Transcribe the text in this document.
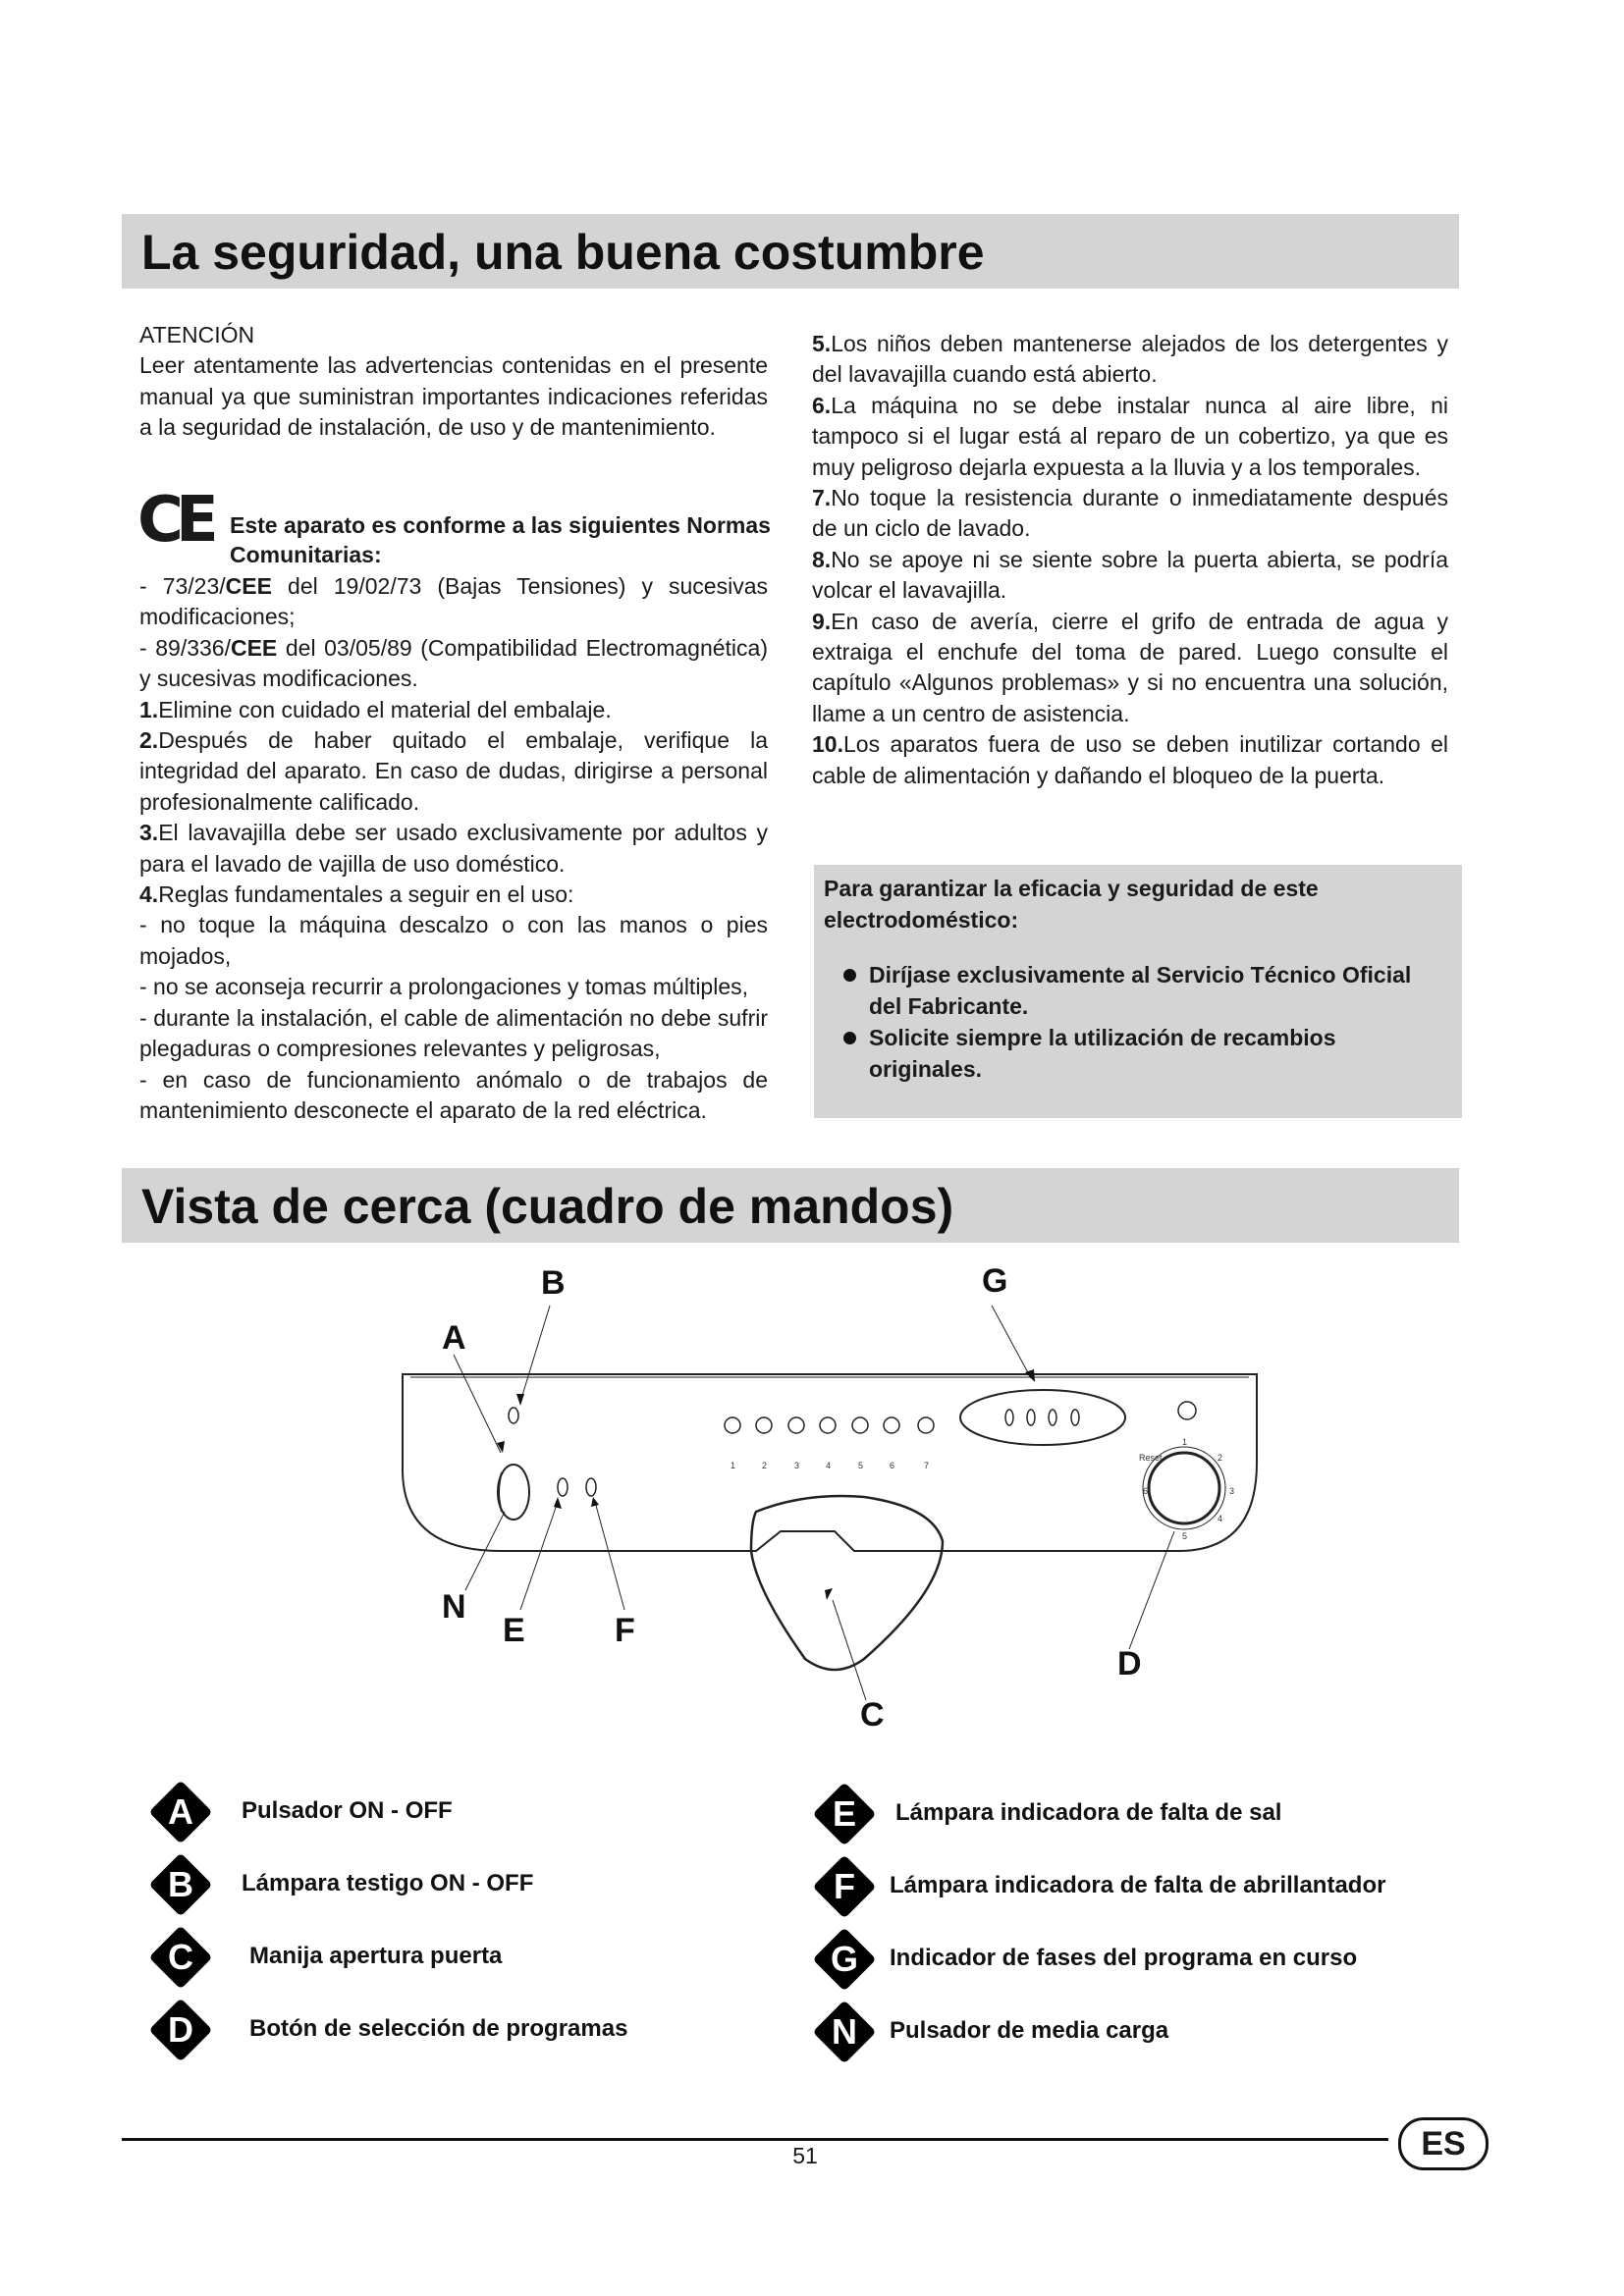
La seguridad, una buena costumbre

ATENCIÓN

Leer atentamente las advertencias contenidas en el presente manual ya que suministran importantes indicaciones referidas a la seguridad de instalación, de uso y de mantenimiento.

CE Este aparato es conforme a las siguientes Normas Comunitarias:

- 73/23/CEE del 19/02/73 (Bajas Tensiones) y sucesivas modificaciones;

- 89/336/CEE del 03/05/89 (Compatibilidad Electromagnética) y sucesivas modificaciones.

1.Elimine con cuidado el material del embalaje.

2.Después de haber quitado el embalaje, verifique la integridad del aparato. En caso de dudas, dirigirse a personal profesionalmente calificado.

3.El lavavajilla debe ser usado exclusivamente por adultos y para el lavado de vajilla de uso doméstico.

4.Reglas fundamentales a seguir en el uso:

- no toque la máquina descalzo o con las manos o pies mojados,

- no se aconseja recurrir a prolongaciones y tomas múltiples,

- durante la instalación, el cable de alimentación no debe sufrir plegaduras o compresiones relevantes y peligrosas,

- en caso de funcionamiento anómalo o de trabajos de mantenimiento desconecte el aparato de la red eléctrica.

5.Los niños deben mantenerse alejados de los detergentes y del lavavajilla cuando está abierto.

6.La máquina no se debe instalar nunca al aire libre, ni tampoco si el lugar está al reparo de un cobertizo, ya que es muy peligroso dejarla expuesta a la lluvia y a los temporales.

7.No toque la resistencia durante o inmediatamente después de un ciclo de lavado.

8.No se apoye ni se siente sobre la puerta abierta, se podría volcar el lavavajilla.

9.En caso de avería, cierre el grifo de entrada de agua y extraiga el enchufe del toma de pared. Luego consulte el capítulo «Algunos problemas» y si no encuentra una solución, llame a un centro de asistencia.

10.Los aparatos fuera de uso se deben inutilizar cortando el cable de alimentación y dañando el bloqueo de la puerta.

Para garantizar la eficacia y seguridad de este electrodoméstico:
Diríjase exclusivamente al Servicio Técnico Oficial del Fabricante.
Solicite siempre la utilización de recambios originales.
Vista de cerca (cuadro de mandos)
A
B	G
N
E	F
D
C
1	2	3	4	5	6	7
1
2
3
4
5
6
Reset
A	Pulsador ON - OFF
B	Lámpara testigo ON - OFF
C	Manija apertura puerta
D	Botón de selección de programas
E	Lámpara indicadora de falta de sal
F	Lámpara indicadora de falta de abrillantador
G	Indicador de fases del programa en curso
N	Pulsador de media carga
51	ES
